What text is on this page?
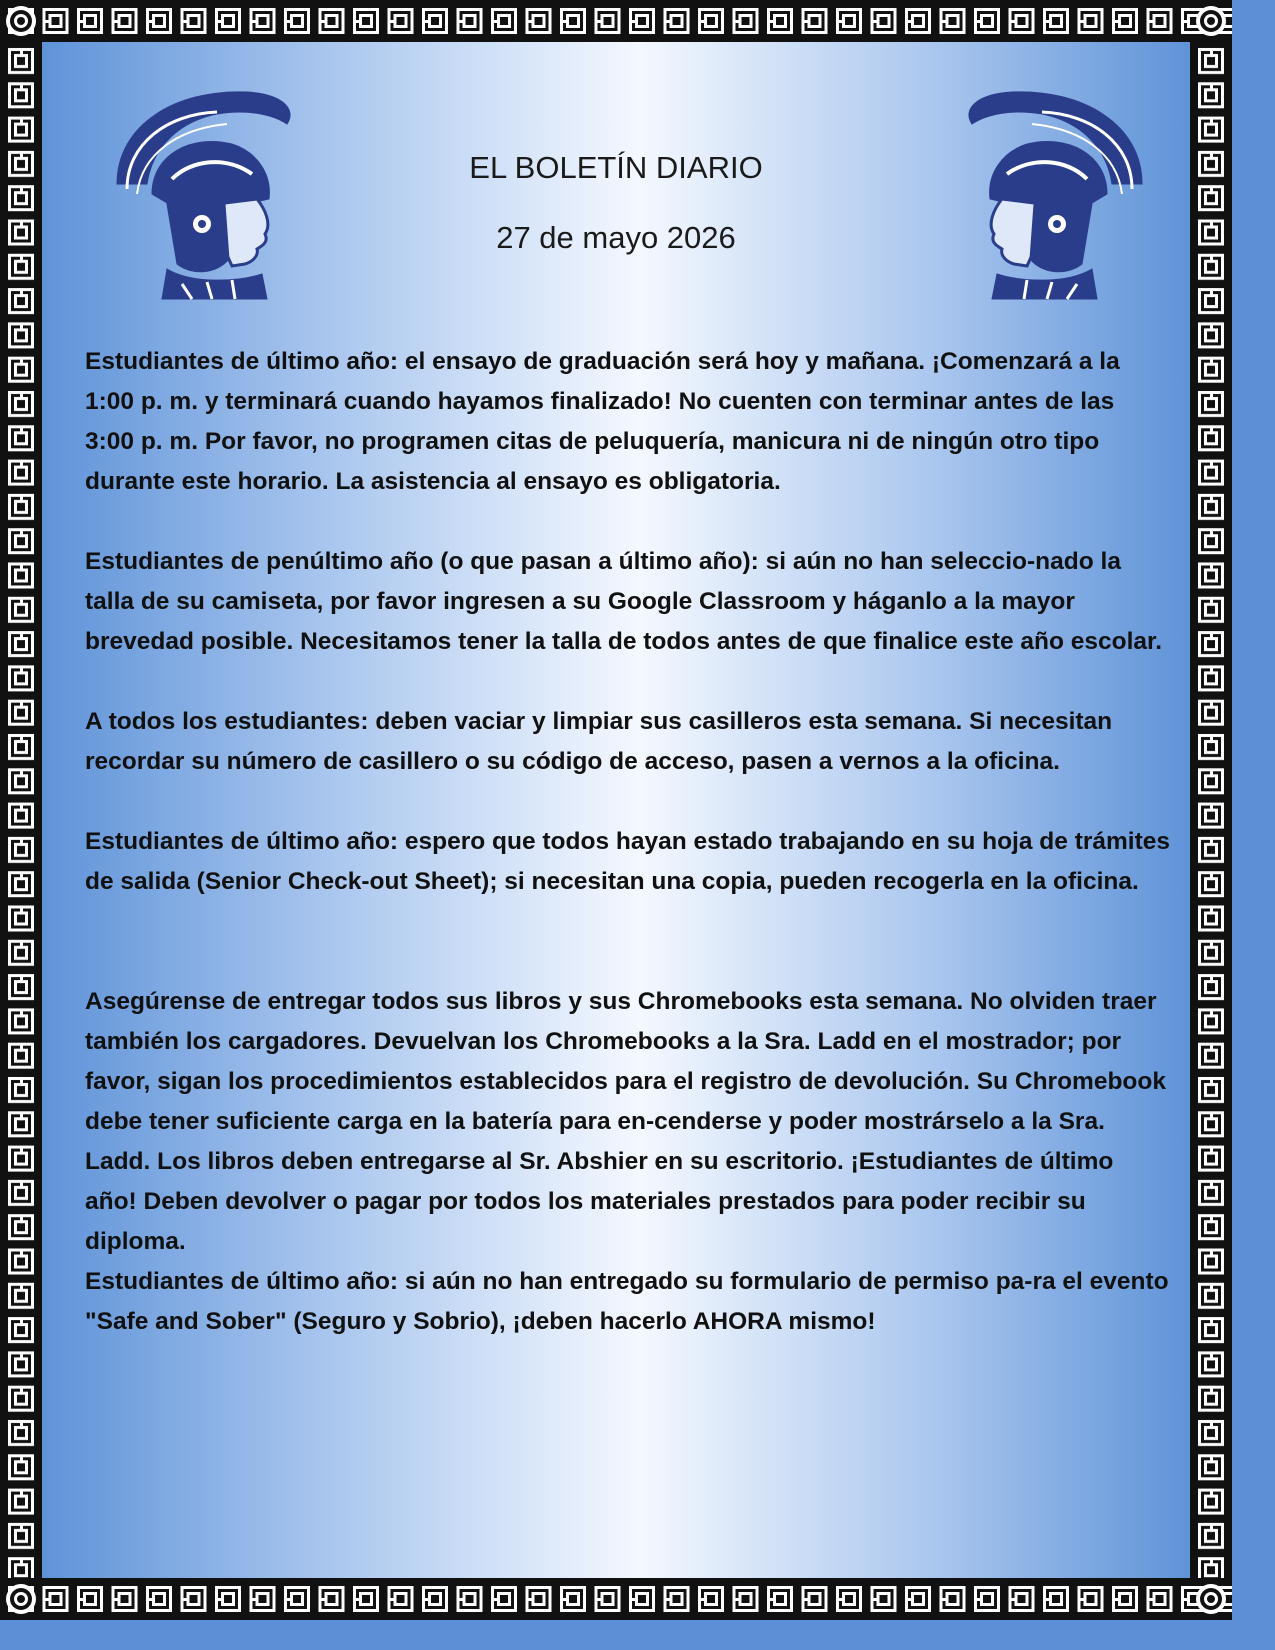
EL BOLETÍN DIARIO
27 de mayo 2026

Estudiantes de último año: el ensayo de graduación será hoy y mañana. ¡Comenzará a la 1:00 p. m. y terminará cuando hayamos finalizado! No cuenten con terminar antes de las 3:00 p. m. Por favor, no programen citas de peluquería, manicura ni de ningún otro tipo durante este horario. La asistencia al ensayo es obligatoria.

Estudiantes de penúltimo año (o que pasan a último año): si aún no han seleccio-nado la talla de su camiseta, por favor ingresen a su Google Classroom y háganlo a la mayor brevedad posible. Necesitamos tener la talla de todos antes de que finalice este año escolar.

A todos los estudiantes: deben vaciar y limpiar sus casilleros esta semana. Si necesitan recordar su número de casillero o su código de acceso, pasen a vernos a la oficina.

Estudiantes de último año: espero que todos hayan estado trabajando en su hoja de trámites de salida (Senior Check-out Sheet); si necesitan una copia, pueden recogerla en la oficina.

Asegúrense de entregar todos sus libros y sus Chromebooks esta semana. No olviden traer también los cargadores. Devuelvan los Chromebooks a la Sra. Ladd en el mostrador; por favor, sigan los procedimientos establecidos para el registro de devolución. Su Chromebook debe tener suficiente carga en la batería para en-cenderse y poder mostrárselo a la Sra. Ladd. Los libros deben entregarse al Sr. Abshier en su escritorio. ¡Estudiantes de último año! Deben devolver o pagar por todos los materiales prestados para poder recibir su diploma.

Estudiantes de último año: si aún no han entregado su formulario de permiso pa-ra el evento "Safe and Sober" (Seguro y Sobrio), ¡deben hacerlo AHORA mismo!
